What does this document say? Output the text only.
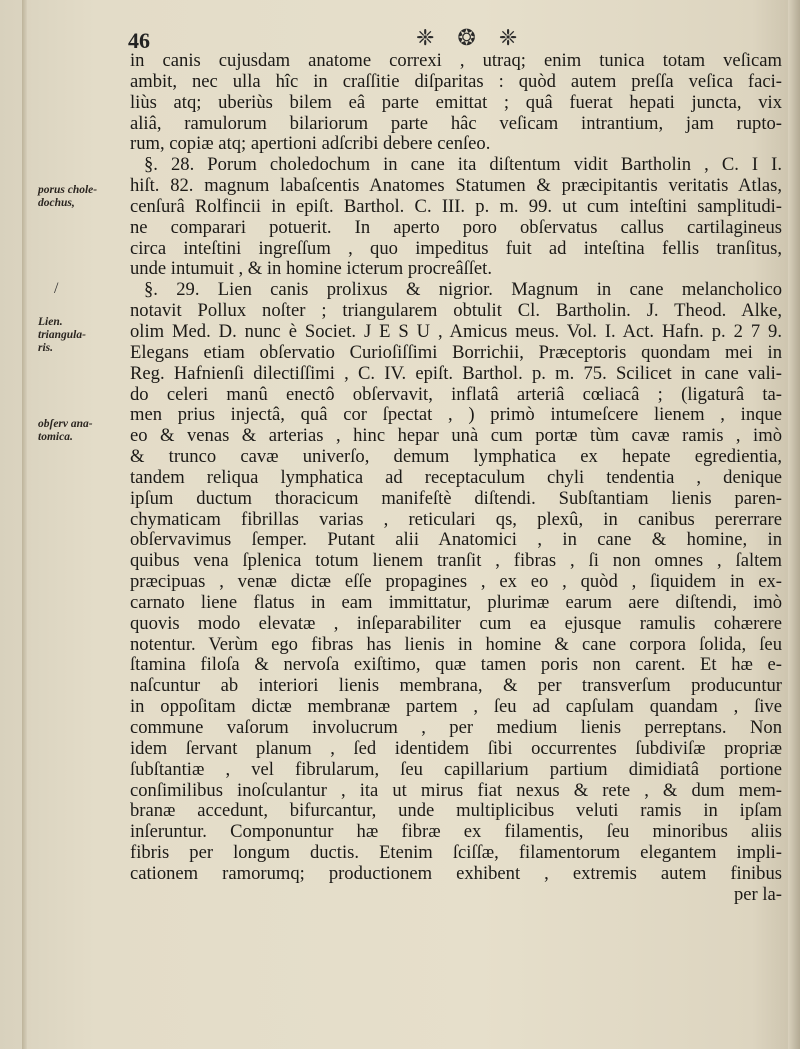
46	❈ ❂ ❈
porus chole-
dochus,
Lien.
triangula-
ris.
obſerv ana-
tomica.
/
in canis cujusdam anatome correxi , utraq; enim tunica totam veſicam
ambit, nec ulla hîc in craſſitie diſparitas : quòd autem preſſa veſica faci-
liùs atq; uberiùs bilem eâ parte emittat ; quâ fuerat hepati juncta, vix
aliâ, ramulorum bilariorum parte hâc veſicam intrantium, jam rupto-
rum, copiæ atq; apertioni adſcribi debere cenſeo.
§. 28. Porum choledochum in cane ita diſtentum vidit Bartholin , C. I I.
hiſt. 82. magnum labaſcentis Anatomes Statumen & præcipitantis veritatis Atlas,
cenſurâ Rolfincii in epiſt. Barthol. C. III. p. m. 99. ut cum inteſtini samplitudi-
ne comparari potuerit. In aperto poro obſervatus callus cartilagineus
circa inteſtini ingreſſum , quo impeditus fuit ad inteſtina fellis tranſitus,
unde intumuit , & in homine icterum procreâſſet.
§. 29. Lien canis prolixus & nigrior. Magnum in cane melancholico
notavit Pollux noſter ; triangularem obtulit Cl. Bartholin. J. Theod. Alke,
olim Med. D. nunc è Societ. J E S U , Amicus meus. Vol. I. Act. Hafn. p. 2 7 9.
Elegans etiam obſervatio Curioſiſſimi Borrichii, Præceptoris quondam mei in
Reg. Hafnienſi dilectiſſimi , C. IV. epiſt. Barthol. p. m. 75. Scilicet in cane vali-
do celeri manû enectô obſervavit, inflatâ arteriâ cœliacâ ; (ligaturâ ta-
men prius injectâ, quâ cor ſpectat , ) primò intumeſcere lienem , inque
eo & venas & arterias , hinc hepar unà cum portæ tùm cavæ ramis , imò
& trunco cavæ univerſo, demum lymphatica ex hepate egredientia,
tandem reliqua lymphatica ad receptaculum chyli tendentia , denique
ipſum ductum thoracicum manifeſtè diſtendi. Subſtantiam lienis paren-
chymaticam fibrillas varias , reticulari qs, plexû, in canibus pererrare
obſervavimus ſemper. Putant alii Anatomici , in cane & homine, in
quibus vena ſplenica totum lienem tranſit , fibras , ſi non omnes , ſaltem
præcipuas , venæ dictæ eſſe propagines , ex eo , quòd , ſiquidem in ex-
carnato liene flatus in eam immittatur, plurimæ earum aere diſtendi, imò
quovis modo elevatæ , inſeparabiliter cum ea ejusque ramulis cohærere
notentur. Verùm ego fibras has lienis in homine & cane corpora ſolida, ſeu
ſtamina filoſa & nervoſa exiſtimo, quæ tamen poris non carent. Et hæ e-
naſcuntur ab interiori lienis membrana, & per transverſum producuntur
in oppoſitam dictæ membranæ partem , ſeu ad capſulam quandam , ſive
commune vaſorum involucrum , per medium lienis perreptans. Non
idem ſervant planum , ſed identidem ſibi occurrentes ſubdiviſæ propriæ
ſubſtantiæ , vel fibrularum, ſeu capillarium partium dimidiatâ portione
conſimilibus inoſculantur , ita ut mirus fiat nexus & rete , & dum mem-
branæ accedunt, bifurcantur, unde multiplicibus veluti ramis in ipſam
inſeruntur. Componuntur hæ fibræ ex filamentis, ſeu minoribus aliis
fibris per longum ductis. Etenim ſciſſæ, filamentorum elegantem impli-
cationem ramorumq; productionem exhibent , extremis autem finibus
per la-
